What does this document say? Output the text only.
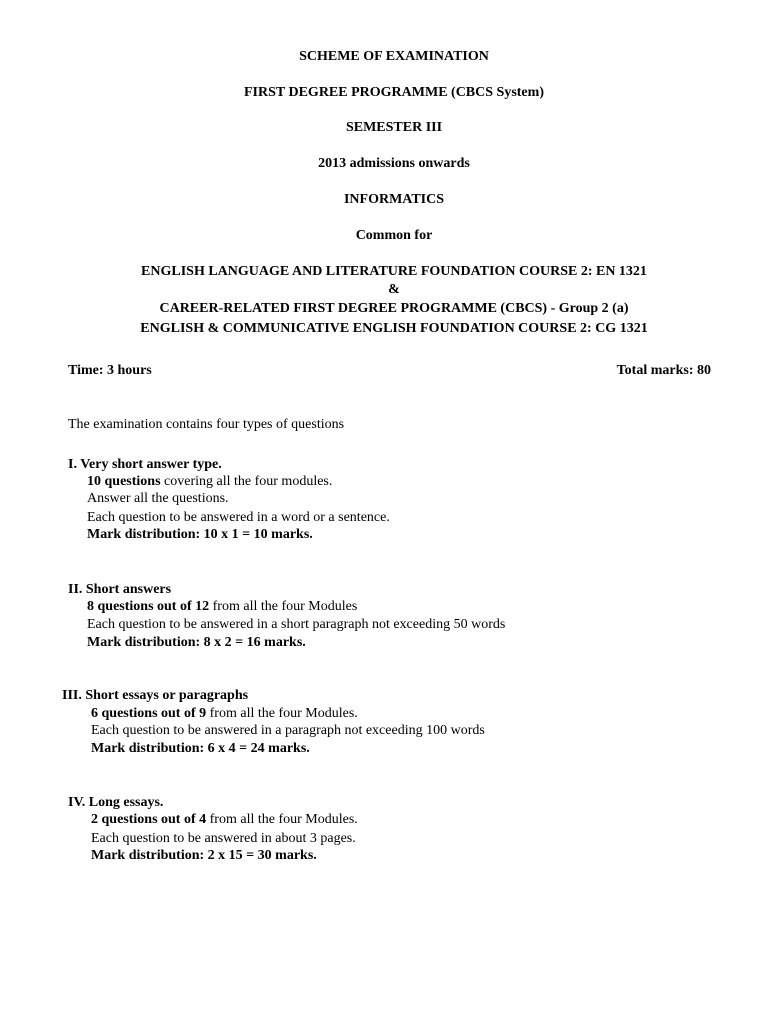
SCHEME OF EXAMINATION
FIRST DEGREE PROGRAMME (CBCS System)
SEMESTER III
2013 admissions onwards
INFORMATICS
Common for
ENGLISH LANGUAGE AND LITERATURE FOUNDATION COURSE 2: EN 1321
&
CAREER-RELATED FIRST DEGREE PROGRAMME (CBCS) - Group 2 (a)
ENGLISH & COMMUNICATIVE ENGLISH FOUNDATION COURSE 2: CG 1321
Time: 3 hours	Total marks: 80
The examination contains four types of questions
I. Very short answer type.
10 questions covering all the four modules.
Answer all the questions.
Each question to be answered in a word or a sentence.
Mark distribution: 10 x 1 = 10 marks.
II. Short answers
8 questions out of 12 from all the four Modules
Each question to be answered in a short paragraph not exceeding 50 words
Mark distribution: 8 x 2 = 16 marks.
III. Short essays or paragraphs
6 questions out of 9 from all the four Modules.
Each question to be answered in a paragraph not exceeding 100 words
Mark distribution: 6 x 4 = 24 marks.
IV. Long essays.
2 questions out of 4 from all the four Modules.
Each question to be answered in about 3 pages.
Mark distribution: 2 x 15 = 30 marks.
